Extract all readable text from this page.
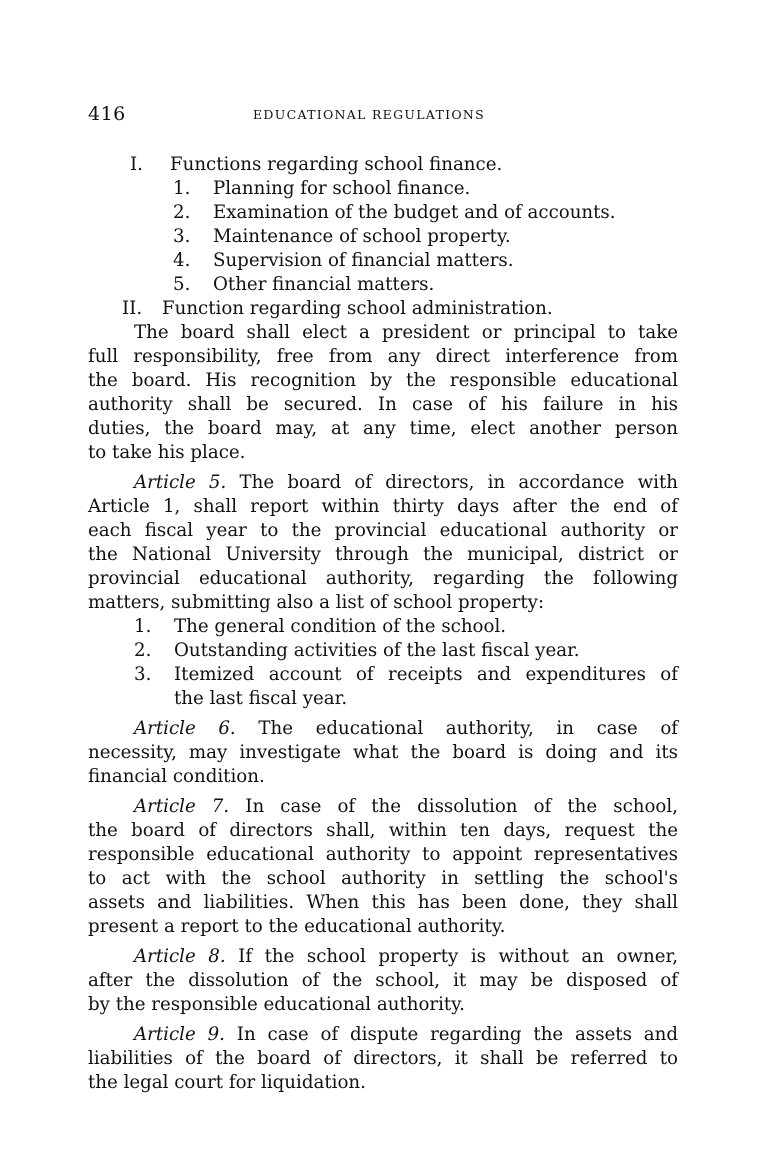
416	EDUCATIONAL REGULATIONS
I. Functions regarding school finance.
1. Planning for school finance.
2. Examination of the budget and of accounts.
3. Maintenance of school property.
4. Supervision of financial matters.
5. Other financial matters.
II. Function regarding school administration.
The board shall elect a president or principal to take
full responsibility, free from any direct interference from
the board. His recognition by the responsible educational
authority shall be secured. In case of his failure in his
duties, the board may, at any time, elect another person
to take his place.
Article 5. The board of directors, in accordance with
Article 1, shall report within thirty days after the end of
each fiscal year to the provincial educational authority or
the National University through the municipal, district or
provincial educational authority, regarding the following
matters, submitting also a list of school property:
1. The general condition of the school.
2. Outstanding activities of the last fiscal year.
3. Itemized account of receipts and expenditures of
the last fiscal year.
Article 6. The educational authority, in case of
necessity, may investigate what the board is doing and its
financial condition.
Article 7. In case of the dissolution of the school,
the board of directors shall, within ten days, request the
responsible educational authority to appoint representatives
to act with the school authority in settling the school's
assets and liabilities. When this has been done, they shall
present a report to the educational authority.
Article 8. If the school property is without an owner,
after the dissolution of the school, it may be disposed of
by the responsible educational authority.
Article 9. In case of dispute regarding the assets and
liabilities of the board of directors, it shall be referred to
the legal court for liquidation.
